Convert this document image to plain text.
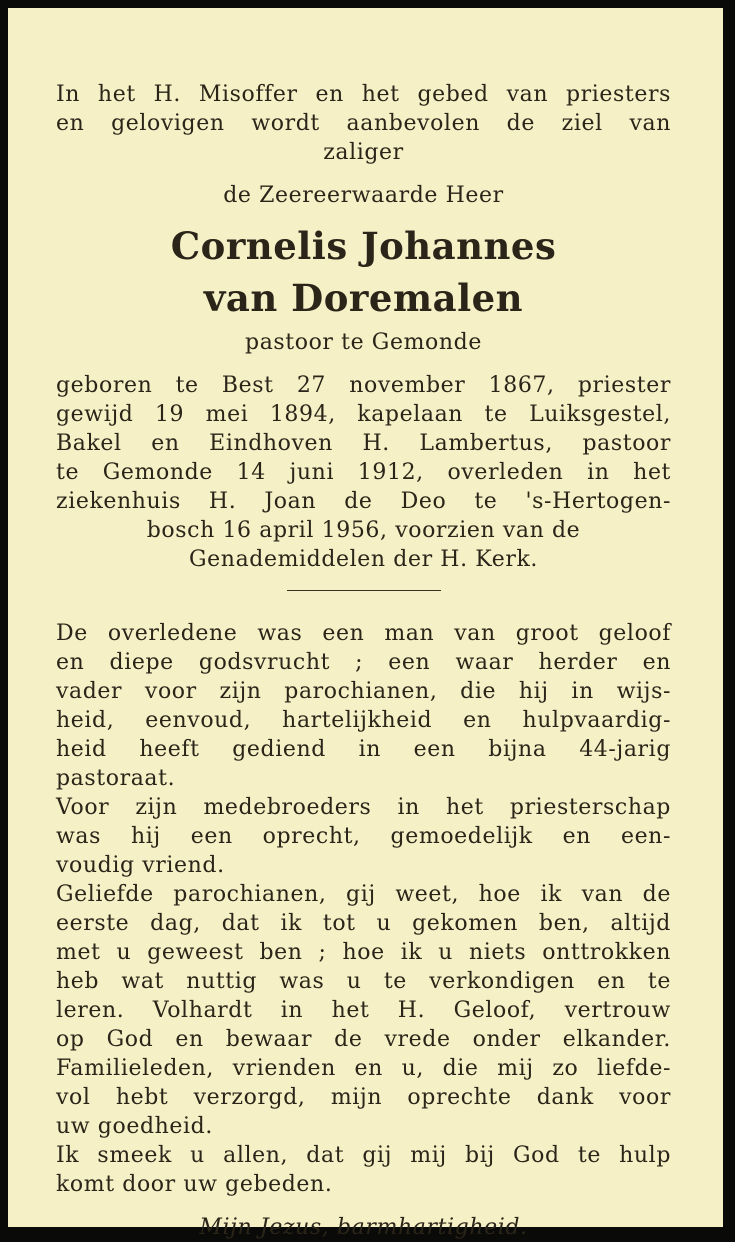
In het H. Misoffer en het gebed van priesters
en gelovigen wordt aanbevolen de ziel van
zaliger
de Zeereerwaarde Heer
Cornelis Johannes
van Doremalen
pastoor te Gemonde
geboren te Best 27 november 1867, priester
gewijd 19 mei 1894, kapelaan te Luiksgestel,
Bakel en Eindhoven H. Lambertus, pastoor
te Gemonde 14 juni 1912, overleden in het
ziekenhuis H. Joan de Deo te 's-Hertogen-
bosch 16 april 1956, voorzien van de
Genademiddelen der H. Kerk.
De overledene was een man van groot geloof
en diepe godsvrucht ; een waar herder en
vader voor zijn parochianen, die hij in wijs-
heid, eenvoud, hartelijkheid en hulpvaardig-
heid heeft gediend in een bijna 44-jarig
pastoraat.
Voor zijn medebroeders in het priesterschap
was hij een oprecht, gemoedelijk en een-
voudig vriend.
Geliefde parochianen, gij weet, hoe ik van de
eerste dag, dat ik tot u gekomen ben, altijd
met u geweest ben ; hoe ik u niets onttrokken
heb wat nuttig was u te verkondigen en te
leren. Volhardt in het H. Geloof, vertrouw
op God en bewaar de vrede onder elkander.
Familieleden, vrienden en u, die mij zo liefde-
vol hebt verzorgd, mijn oprechte dank voor
uw goedheid.
Ik smeek u allen, dat gij mij bij God te hulp
komt door uw gebeden.
Mijn Jezus, barmhartigheid.
